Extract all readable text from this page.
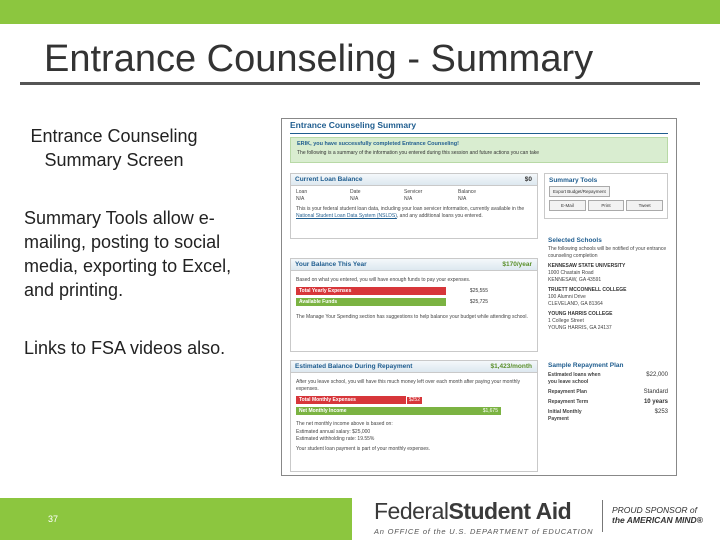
Entrance Counseling - Summary
Entrance Counseling Summary Screen
Summary Tools allow e-mailing, posting to social media, exporting to Excel, and printing.
Links to FSA videos also.
Entrance Counseling Summary
ERIK, you have successfully completed Entrance Counseling!
The following is a summary of the information you entered during this session and future actions you can take
Current Loan Balance	$0
Loan	Date	Servicer	Balance
N/A	N/A	N/A	N/A
This is your federal student loan data, including your loan servicer information, currently available in the National Student Loan Data System (NSLDS), and any additional loans you entered.
Your Balance This Year	$170/year
Based on what you entered, you will have enough funds to pay your expenses.
Total Yearly Expenses	$25,555
Available Funds	$25,725
The Manage Your Spending section has suggestions to help balance your budget while attending school.
Estimated Balance During Repayment	$1,423/month
After you leave school, you will have this much money left over each month after paying your monthly expenses.
Total Monthly Expenses	$252
Net Monthly Income	$1,675
The net monthly income above is based on:
Estimated annual salary: $25,000
Estimated withholding rate: 19.55%
Your student loan payment is part of your monthly expenses.
Summary Tools
Export Budget/Repayment
E-Mail	Print	Tweet
Selected Schools
The following schools will be notified of your entrance counseling completion
KENNESAW STATE UNIVERSITY
1000 Chastain Road
KENNESAW, GA 43591
TRUETT MCCONNELL COLLEGE
100 Alumni Drive
CLEVELAND, GA 81364
YOUNG HARRIS COLLEGE
1 College Street
YOUNG HARRIS, GA 24137
Sample Repayment Plan
Estimated loans when you leave school
$22,000
Repayment Plan	Standard
Repayment Term	10 years
Initial Monthly Payment
$253
37	FederalStudent Aid
An OFFICE of the U.S. DEPARTMENT of EDUCATION
PROUD SPONSOR of
the AMERICAN MIND®
